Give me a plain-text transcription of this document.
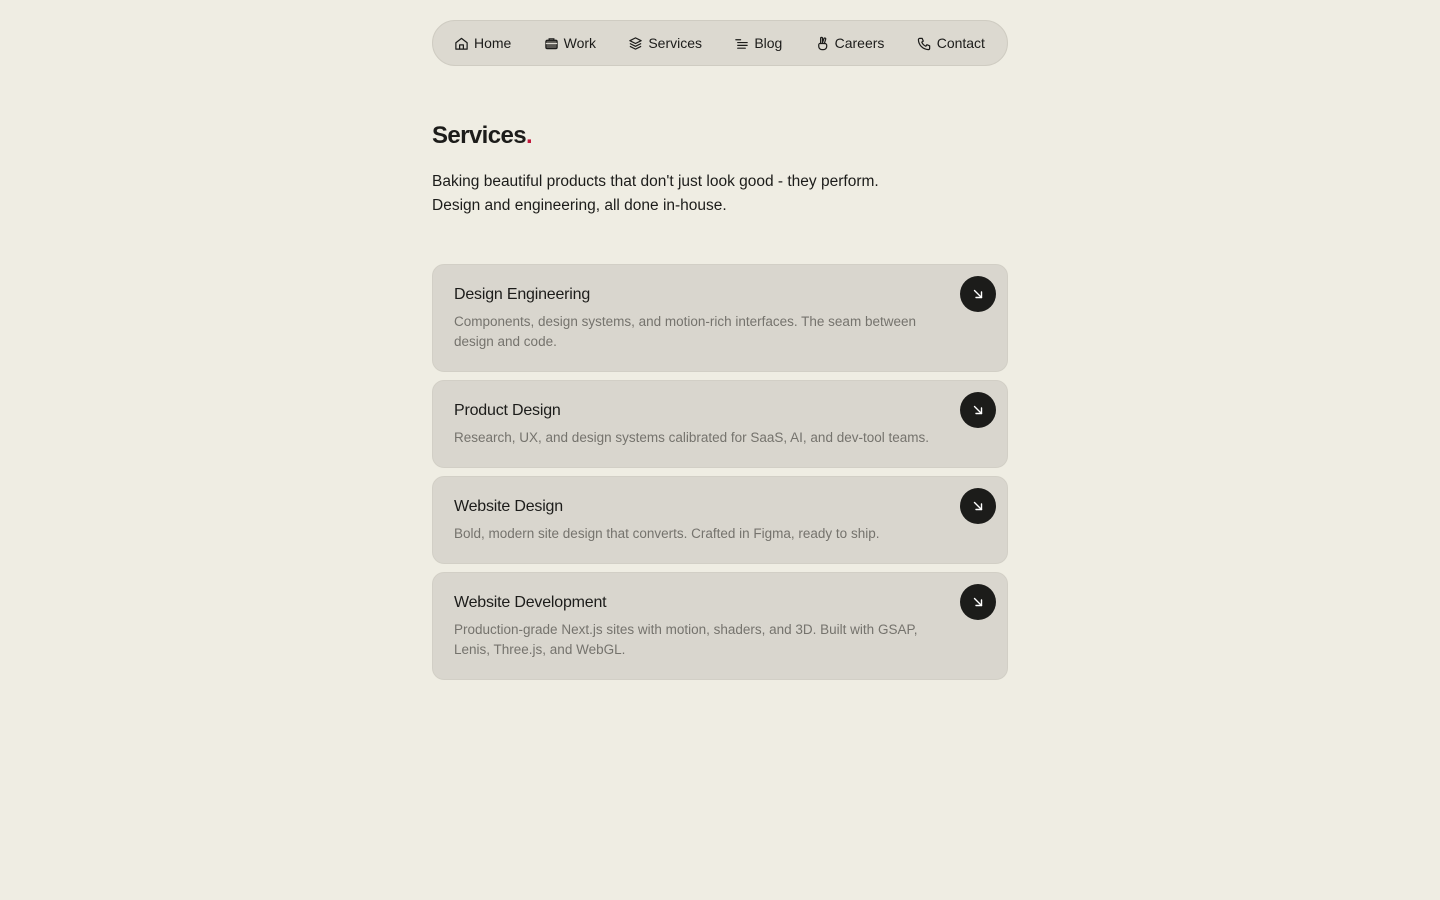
Home	Work	Services	Blog	Careers	Contact
Services.
Baking beautiful products that don't just look good - they perform.
Design and engineering, all done in-house.
Design Engineering
Components, design systems, and motion-rich interfaces. The seam between design and code.
Product Design
Research, UX, and design systems calibrated for SaaS, AI, and dev-tool teams.
Website Design
Bold, modern site design that converts. Crafted in Figma, ready to ship.
Website Development
Production-grade Next.js sites with motion, shaders, and 3D. Built with GSAP, Lenis, Three.js, and WebGL.
